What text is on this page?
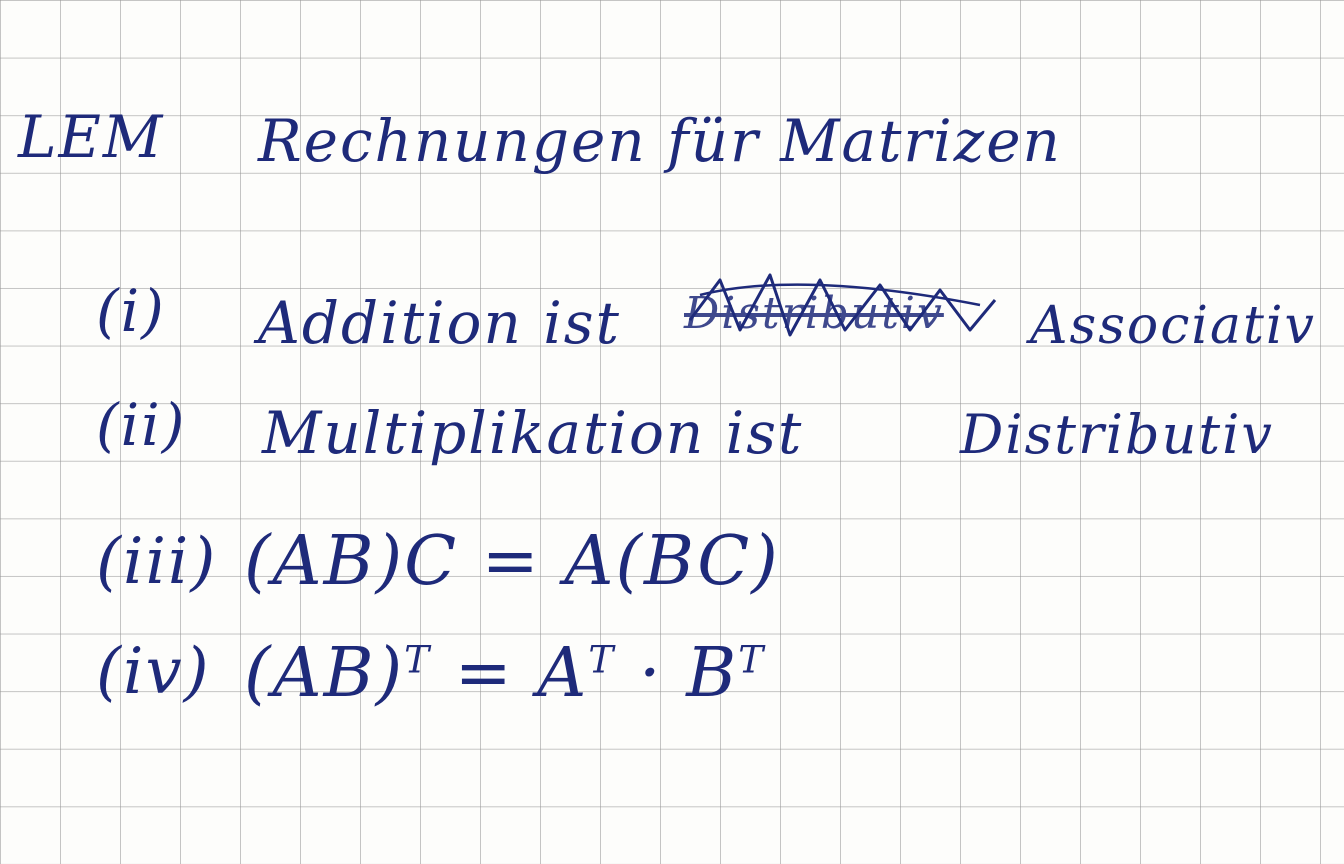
LEM Rechnungen für Matrizen
(i) Addition ist Distributiv Associativ
(ii) Multiplikation ist	Distributiv
(iii) (AB)C = A(BC)
(iv) $(AB)^T = A^T \cdot B^T$
